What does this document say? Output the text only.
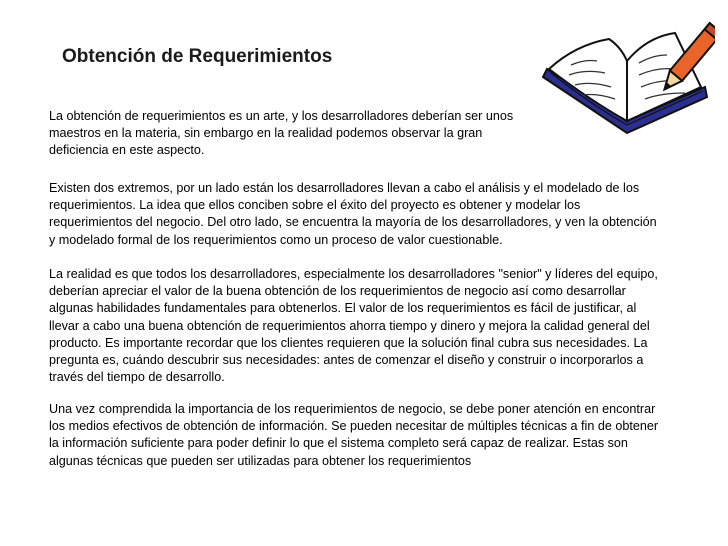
Obtención de Requerimientos

La obtención de requerimientos es un arte, y los desarrolladores deberían ser unos
maestros en la materia, sin embargo en la realidad podemos observar la gran
deficiencia en este aspecto.

Existen dos extremos, por un lado están los desarrolladores llevan a cabo el análisis y el modelado de los
requerimientos. La idea que ellos conciben sobre el éxito del proyecto es obtener y modelar los
requerimientos del negocio. Del otro lado, se encuentra la mayoría de los desarrolladores, y ven la obtención
y modelado formal de los requerimientos como un proceso de valor cuestionable.

La realidad es que todos los desarrolladores, especialmente los desarrolladores "senior" y líderes del equipo,
deberían apreciar el valor de la buena obtención de los requerimientos de negocio así como desarrollar
algunas habilidades fundamentales para obtenerlos. El valor de los requerimientos es fácil de justificar, al
llevar a cabo una buena obtención de requerimientos ahorra tiempo y dinero y mejora la calidad general del
producto. Es importante recordar que los clientes requieren que la solución final cubra sus necesidades. La
pregunta es, cuándo descubrir sus necesidades: antes de comenzar el diseño y construir o incorporarlos a
través del tiempo de desarrollo.

Una vez comprendida la importancia de los requerimientos de negocio, se debe poner atención en encontrar
los medios efectivos de obtención de información. Se pueden necesitar de múltiples técnicas a fin de obtener
la información suficiente para poder definir lo que el sistema completo será capaz de realizar. Estas son
algunas técnicas que pueden ser utilizadas para obtener los requerimientos
